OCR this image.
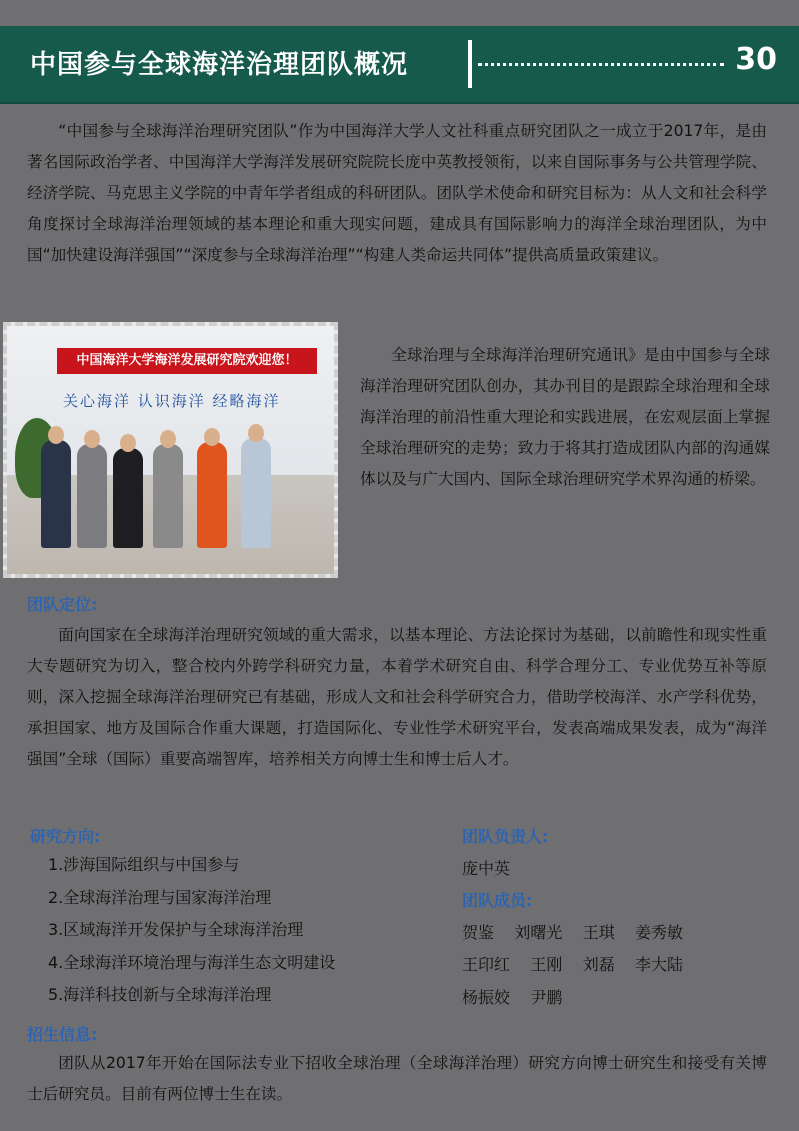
中国参与全球海洋治理团队概况	30
“中国参与全球海洋治理研究团队”作为中国海洋大学人文社科重点研究团队之一成立于2017年，是由著名国际政治学者、中国海洋大学海洋发展研究院院长庞中英教授领衔，以来自国际事务与公共管理学院、经济学院、马克思主义学院的中青年学者组成的科研团队。团队学术使命和研究目标为：从人文和社会科学角度探讨全球海洋治理领域的基本理论和重大现实问题，建成具有国际影响力的海洋全球治理团队，为中国“加快建设海洋强国”“深度参与全球海洋治理”“构建人类命运共同体”提供高质量政策建议。
中国海洋大学海洋发展研究院欢迎您！
关心海洋 认识海洋 经略海洋
全球治理与全球海洋治理研究通讯》是由中国参与全球海洋治理研究团队创办，其办刊目的是跟踪全球治理和全球海洋治理的前沿性重大理论和实践进展，在宏观层面上掌握全球治理研究的走势；致力于将其打造成团队内部的沟通媒体以及与广大国内、国际全球治理研究学术界沟通的桥梁。
团队定位:
面向国家在全球海洋治理研究领域的重大需求，以基本理论、方法论探讨为基础，以前瞻性和现实性重大专题研究为切入，整合校内外跨学科研究力量，本着学术研究自由、科学合理分工、专业优势互补等原则，深入挖掘全球海洋治理研究已有基础，形成人文和社会科学研究合力，借助学校海洋、水产学科优势，承担国家、地方及国际合作重大课题，打造国际化、专业性学术研究平台，发表高端成果发表，成为“海洋强国”全球（国际）重要高端智库，培养相关方向博士生和博士后人才。
研究方向:
1.涉海国际组织与中国参与
2.全球海洋治理与国家海洋治理
3.区域海洋开发保护与全球海洋治理
4.全球海洋环境治理与海洋生态文明建设
5.海洋科技创新与全球海洋治理
团队负责人:
庞中英
团队成员:
贺鉴    刘曙光    王琪    姜秀敏
王印红    王刚    刘磊    李大陆
杨振姣    尹鹏
招生信息:
团队从2017年开始在国际法专业下招收全球治理（全球海洋治理）研究方向博士研究生和接受有关博士后研究员。目前有两位博士生在读。
